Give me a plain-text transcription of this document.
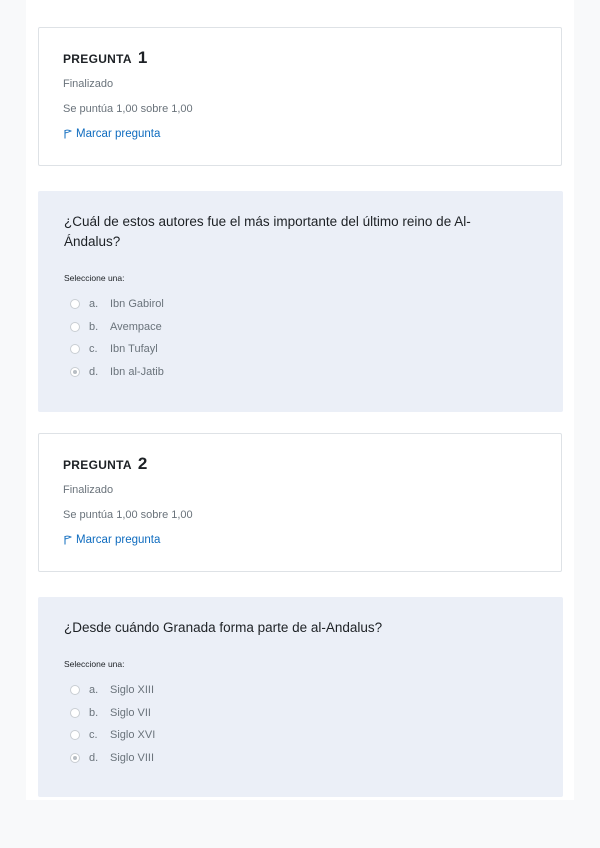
PREGUNTA 1
Finalizado
Se puntúa 1,00 sobre 1,00
Marcar pregunta
¿Cuál de estos autores fue el más importante del último reino de Al-Ándalus?
Seleccione una:
a.	Ibn Gabirol
b.	Avempace
c.	Ibn Tufayl
d.	Ibn al-Jatib
PREGUNTA 2
Finalizado
Se puntúa 1,00 sobre 1,00
Marcar pregunta
¿Desde cuándo Granada forma parte de al-Andalus?
Seleccione una:
a.	Siglo XIII
b.	Siglo VII
c.	Siglo XVI
d.	Siglo VIII
